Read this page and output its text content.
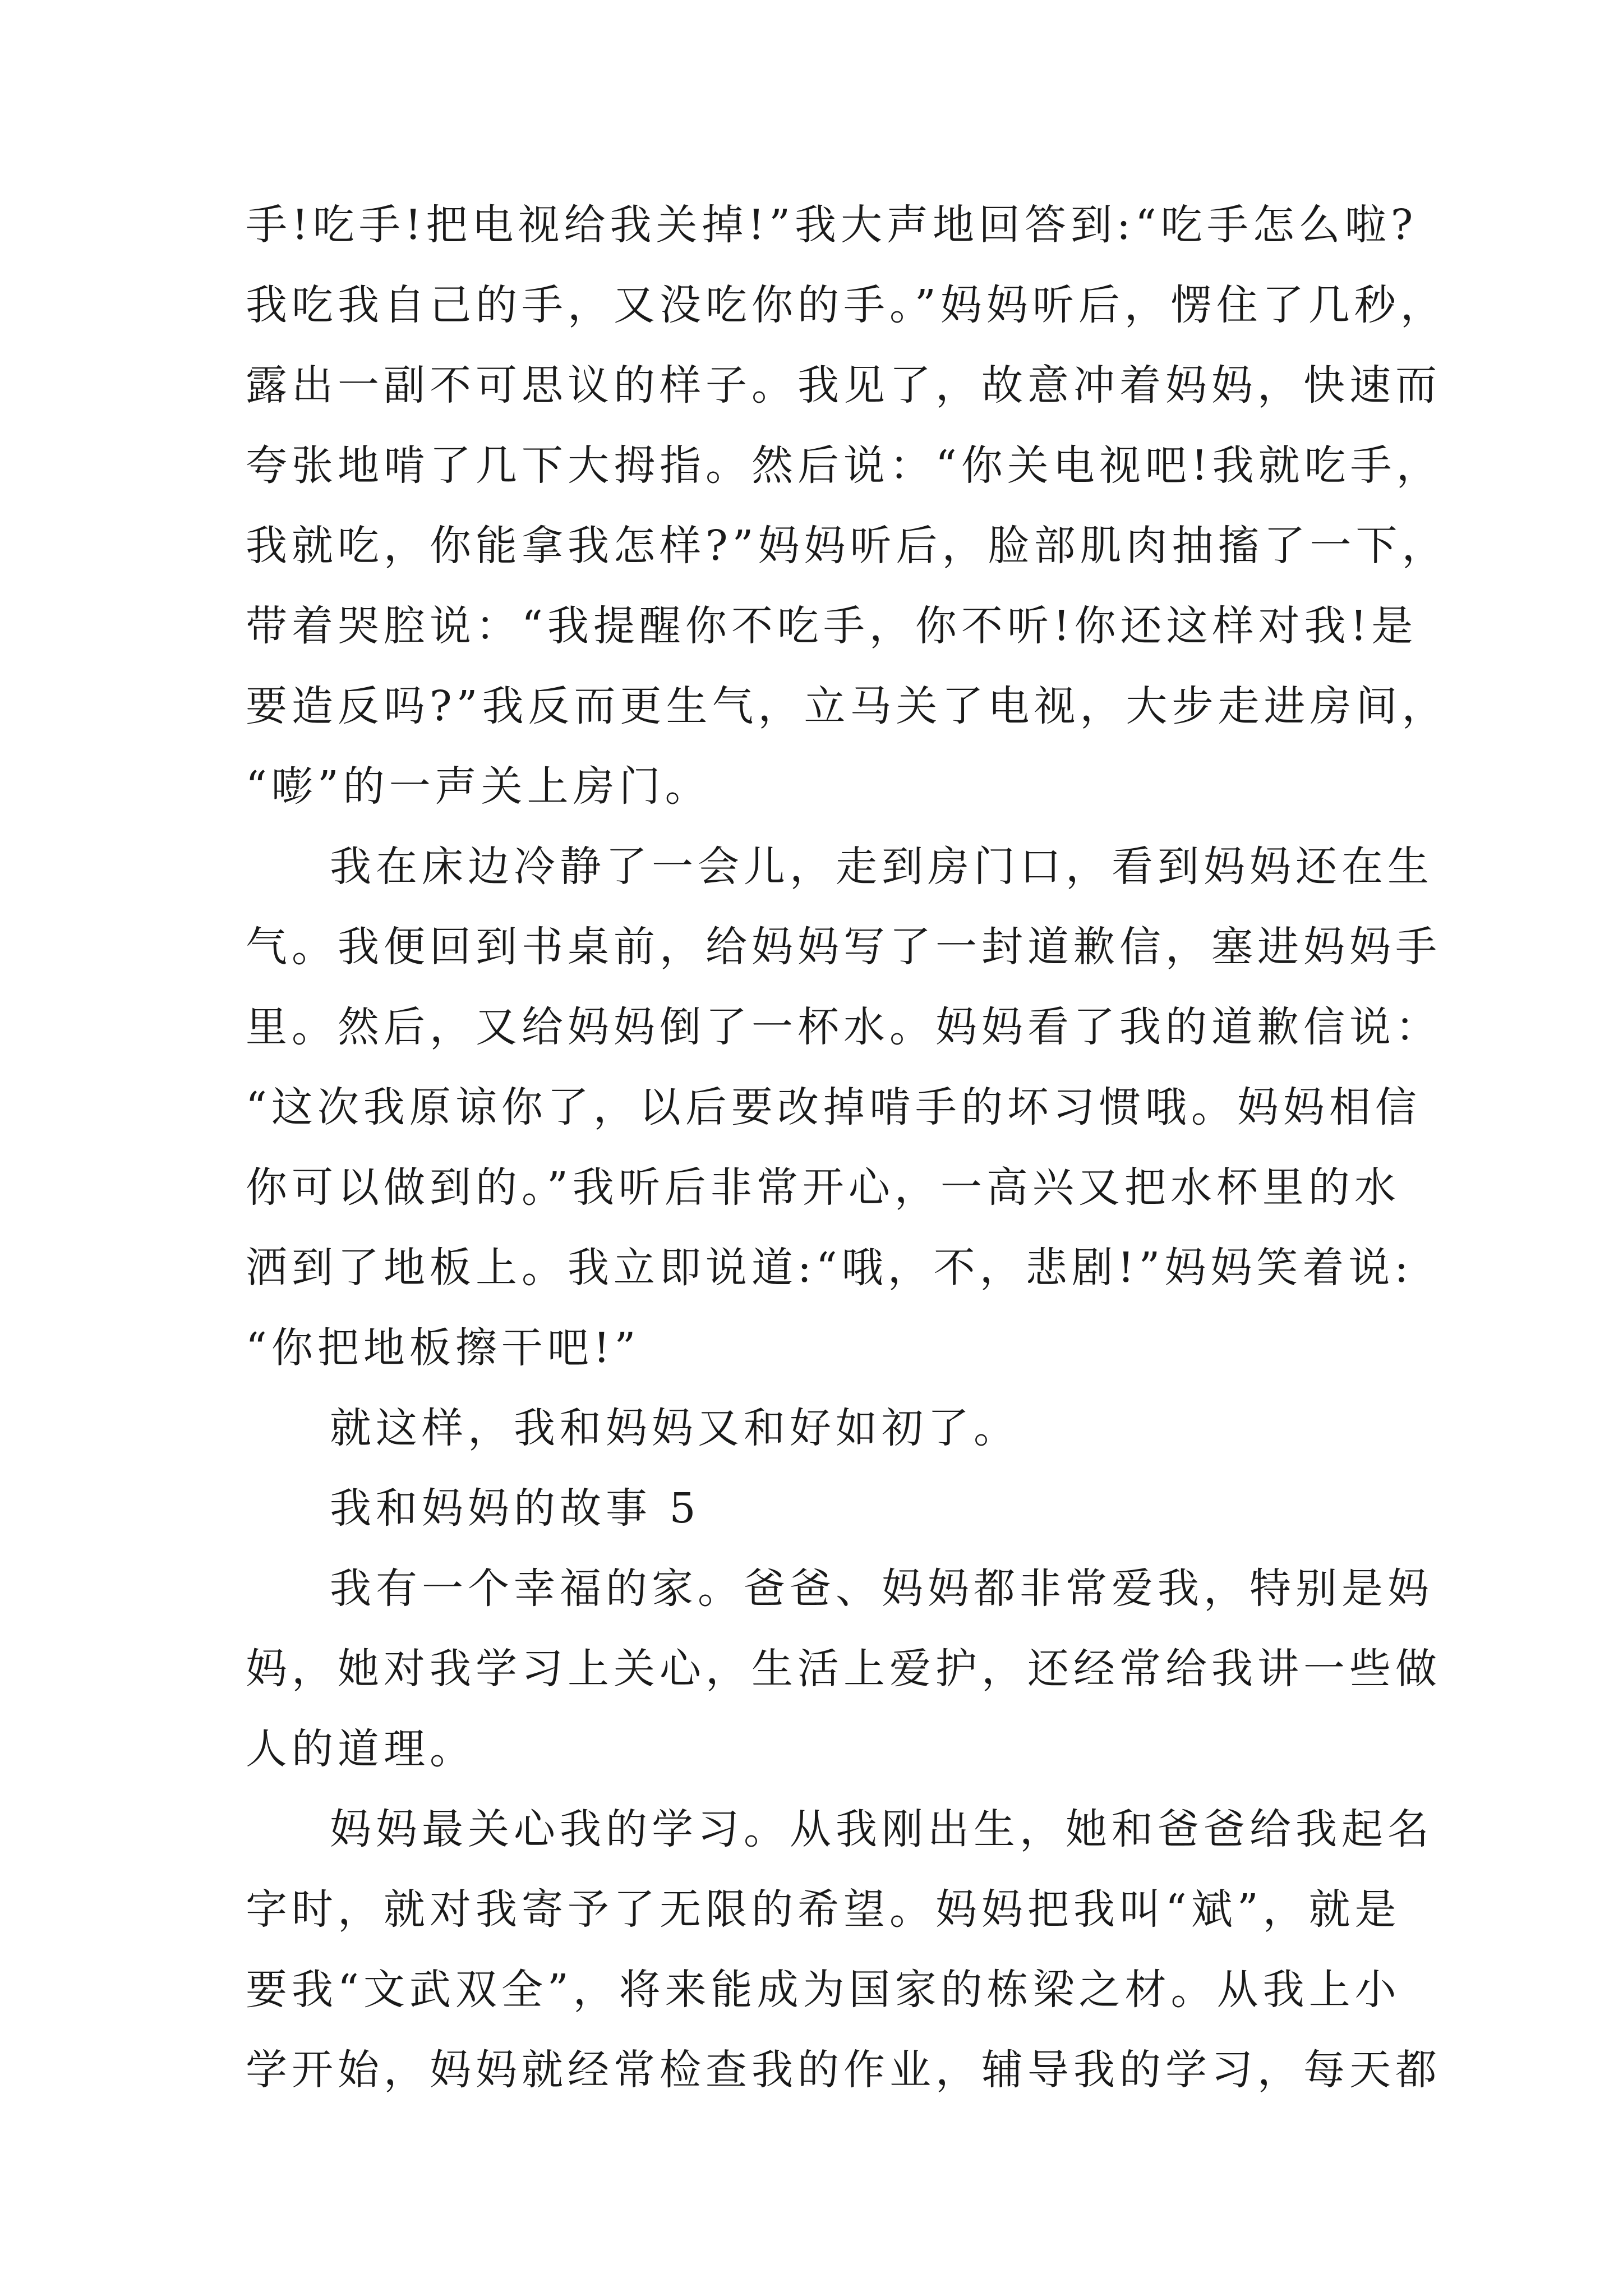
手!吃手!把电视给我关掉!”我大声地回答到:“吃手怎么啦?
我吃我自己的手，又没吃你的手。”妈妈听后，愣住了几秒，
露出一副不可思议的样子。我见了，故意冲着妈妈，快速而
夸张地啃了几下大拇指。然后说：“你关电视吧!我就吃手，
我就吃，你能拿我怎样?”妈妈听后，脸部肌肉抽搐了一下，
带着哭腔说：“我提醒你不吃手，你不听!你还这样对我!是
要造反吗?”我反而更生气，立马关了电视，大步走进房间，
“嘭”的一声关上房门。
我在床边冷静了一会儿，走到房门口，看到妈妈还在生
气。我便回到书桌前，给妈妈写了一封道歉信，塞进妈妈手
里。然后，又给妈妈倒了一杯水。妈妈看了我的道歉信说：
“这次我原谅你了，以后要改掉啃手的坏习惯哦。妈妈相信
你可以做到的。”我听后非常开心，一高兴又把水杯里的水
洒到了地板上。我立即说道:“哦，不，悲剧!”妈妈笑着说:
“你把地板擦干吧!”
就这样，我和妈妈又和好如初了。
我和妈妈的故事 5
我有一个幸福的家。爸爸、妈妈都非常爱我，特别是妈
妈，她对我学习上关心，生活上爱护，还经常给我讲一些做
人的道理。
妈妈最关心我的学习。从我刚出生，她和爸爸给我起名
字时，就对我寄予了无限的希望。妈妈把我叫“斌”，就是
要我“文武双全”，将来能成为国家的栋梁之材。从我上小
学开始，妈妈就经常检查我的作业，辅导我的学习，每天都
